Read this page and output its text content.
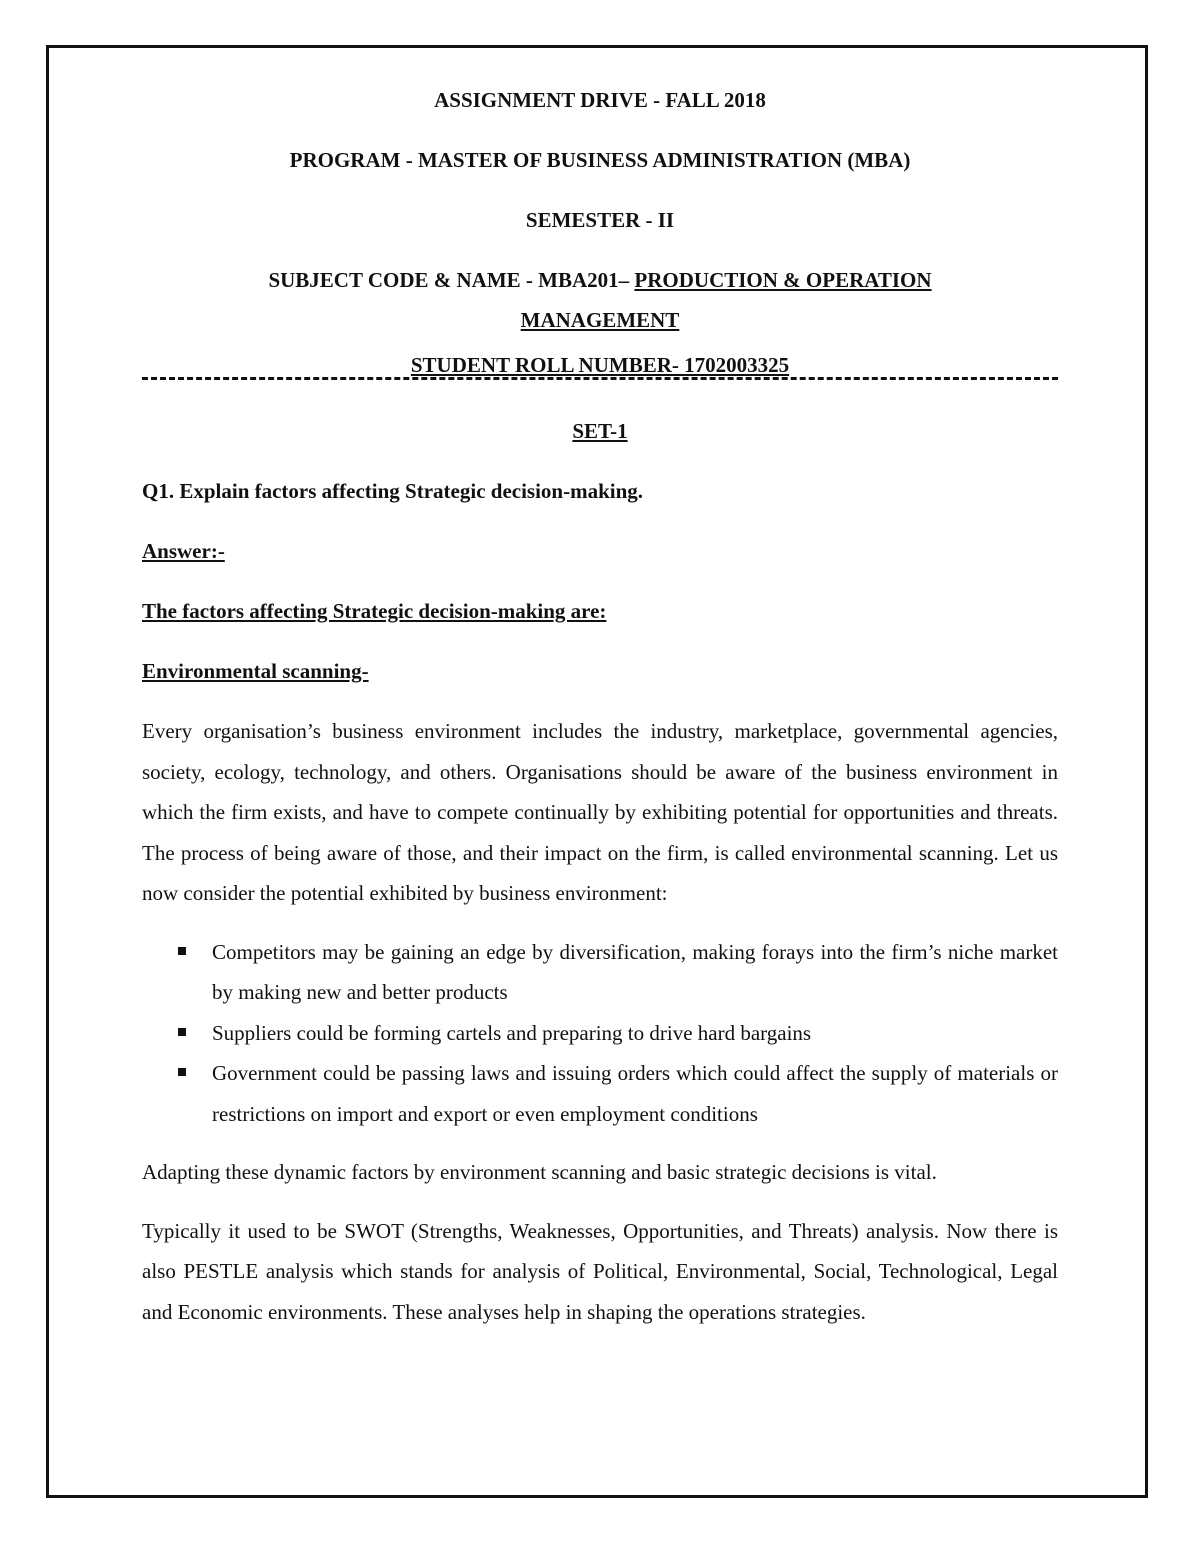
ASSIGNMENT DRIVE - FALL 2018
PROGRAM - MASTER OF BUSINESS ADMINISTRATION (MBA)
SEMESTER - II
SUBJECT CODE & NAME - MBA201– PRODUCTION & OPERATION
MANAGEMENT
STUDENT ROLL NUMBER- 1702003325
SET-1
Q1. Explain factors affecting Strategic decision-making.
Answer:-
The factors affecting Strategic decision-making are:
Environmental scanning-

Every organisation’s business environment includes the industry, marketplace, governmental agencies, society, ecology, technology, and others. Organisations should be aware of the business environment in which the firm exists, and have to compete continually by exhibiting potential for opportunities and threats. The process of being aware of those, and their impact on the firm, is called environmental scanning. Let us now consider the potential exhibited by business environment:

Competitors may be gaining an edge by diversification, making forays into the firm’s niche market by making new and better products
Suppliers could be forming cartels and preparing to drive hard bargains
Government could be passing laws and issuing orders which could affect the supply of materials or restrictions on import and export or even employment conditions

Adapting these dynamic factors by environment scanning and basic strategic decisions is vital.

Typically it used to be SWOT (Strengths, Weaknesses, Opportunities, and Threats) analysis. Now there is also PESTLE analysis which stands for analysis of Political, Environmental, Social, Technological, Legal and Economic environments. These analyses help in shaping the operations strategies.
